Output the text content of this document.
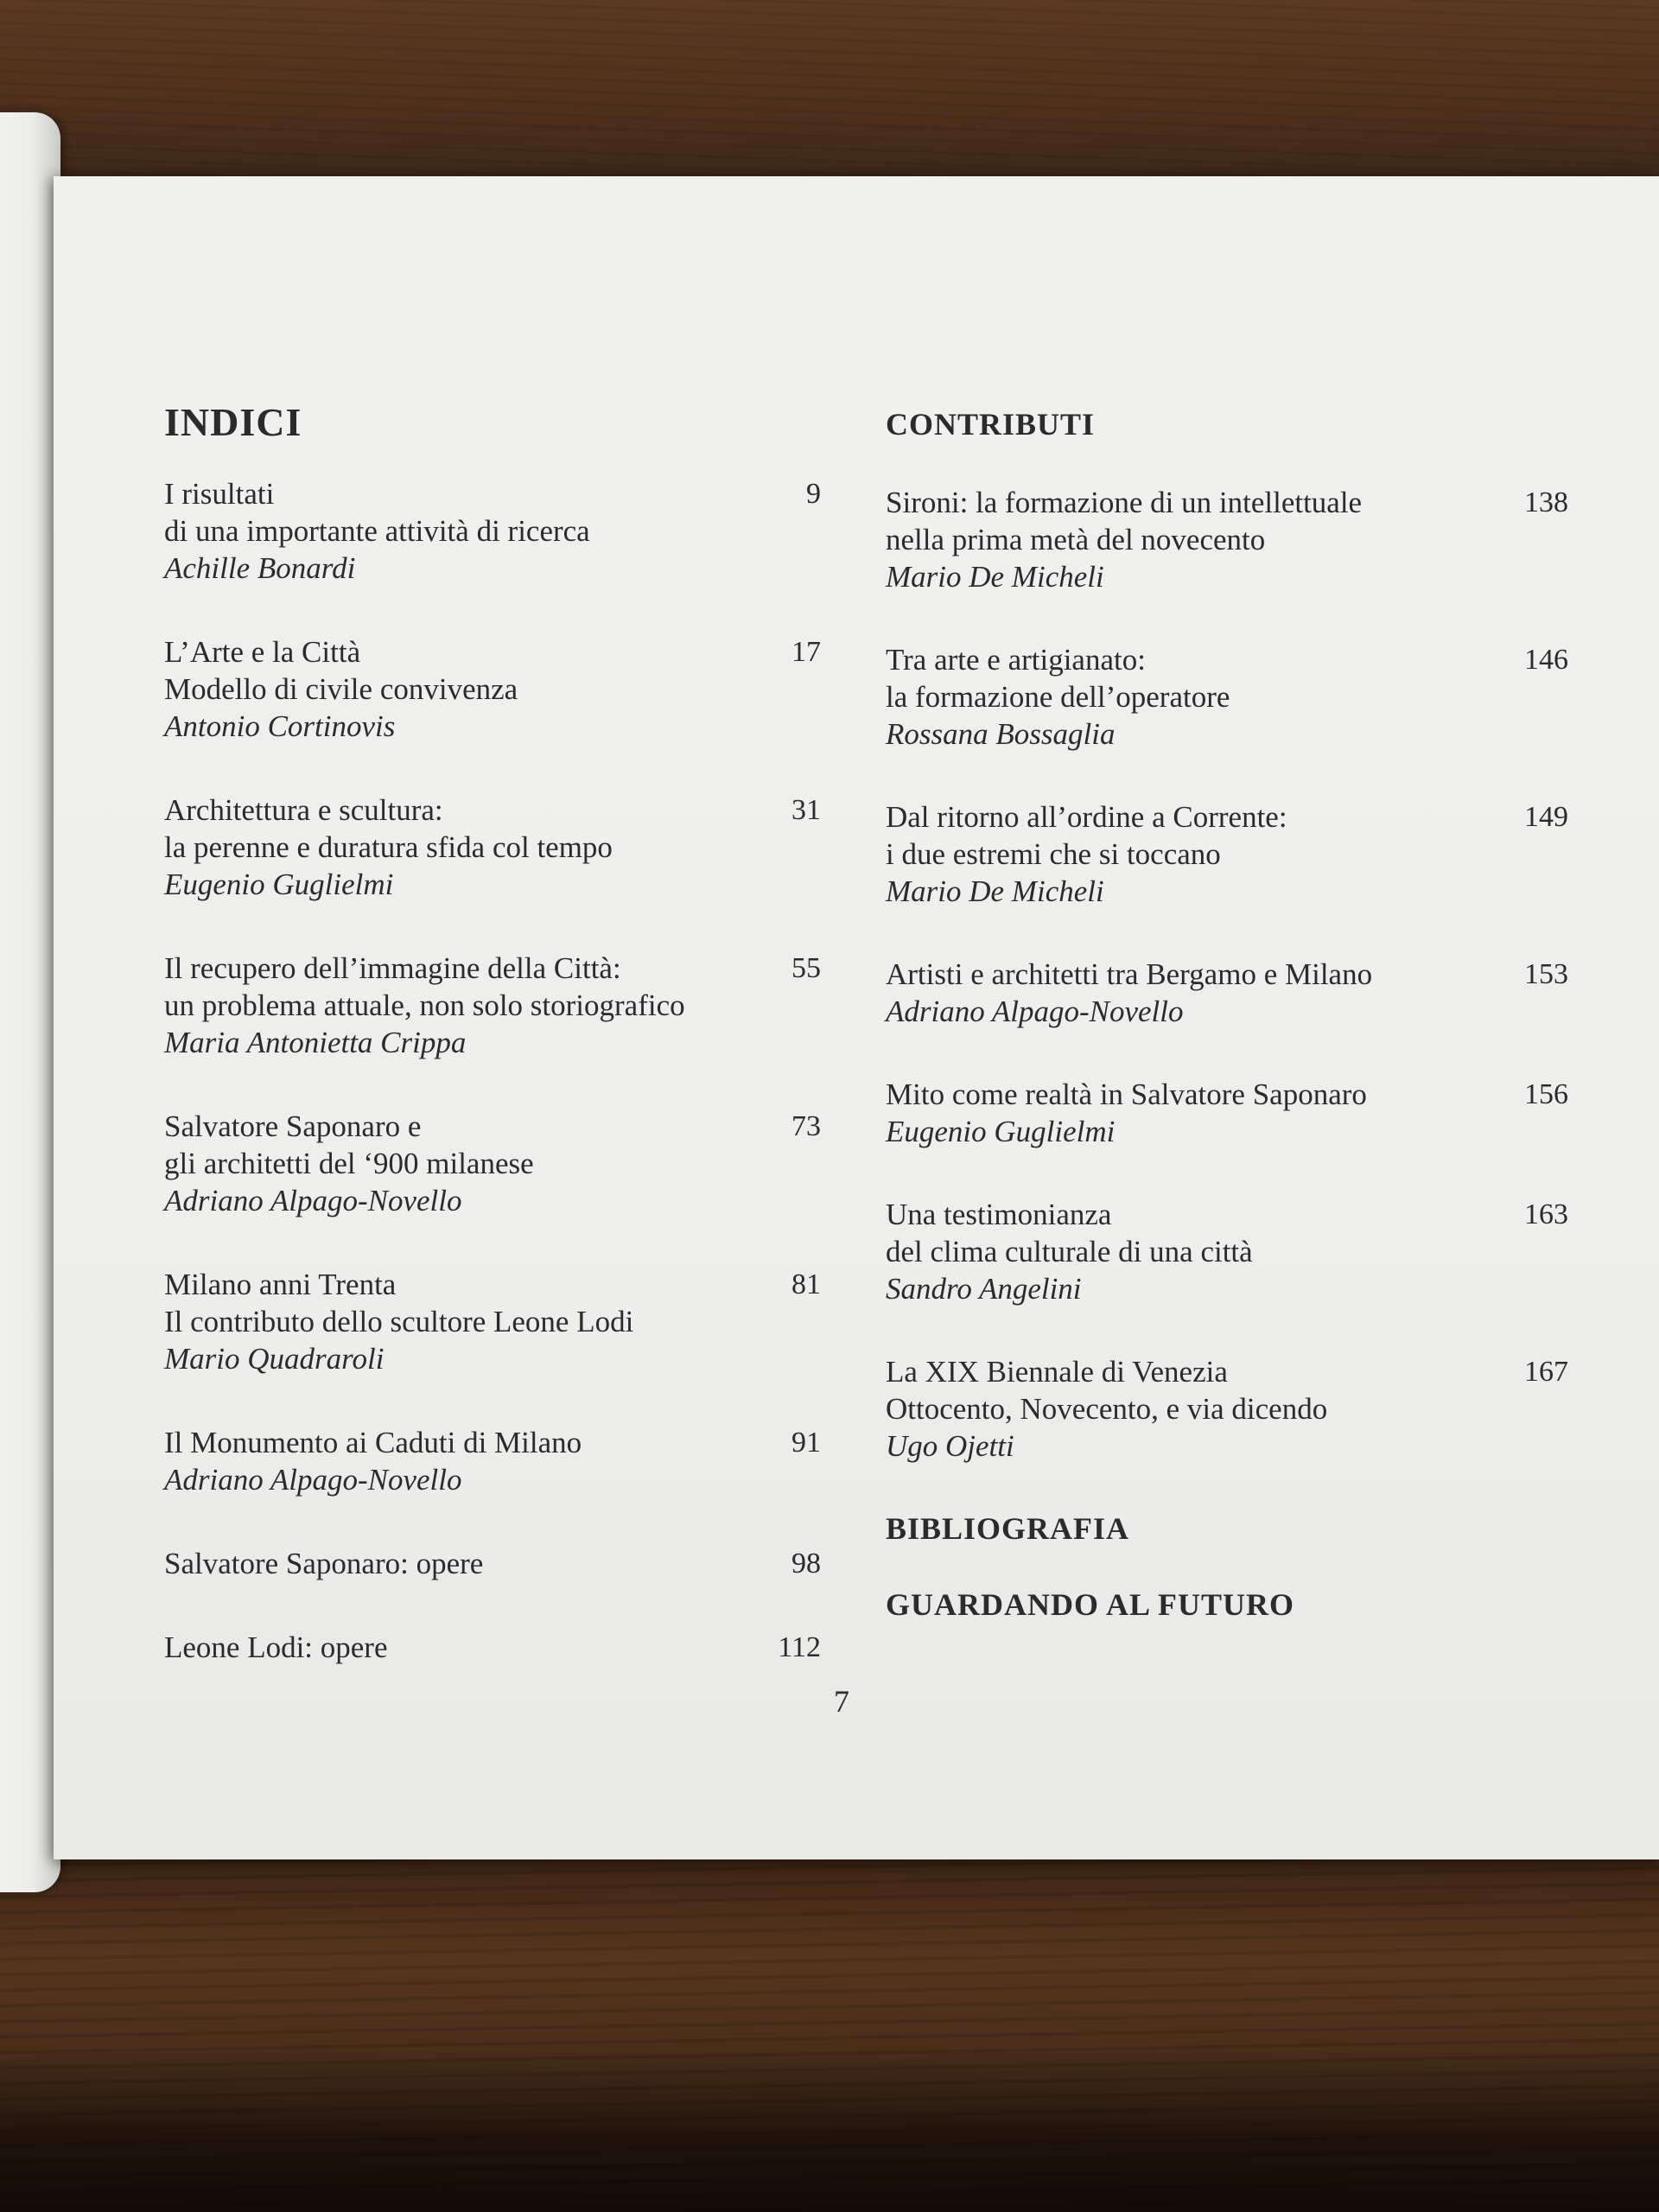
INDICI
I risultati
di una importante attività di ricerca
Achille Bonardi
9
L’Arte e la Città
Modello di civile convivenza
Antonio Cortinovis
17
Architettura e scultura:
la perenne e duratura sfida col tempo
Eugenio Guglielmi
31
Il recupero dell’immagine della Città:
un problema attuale, non solo storiografico
Maria Antonietta Crippa
55
Salvatore Saponaro e
gli architetti del ‘900 milanese
Adriano Alpago-Novello
73
Milano anni Trenta
Il contributo dello scultore Leone Lodi
Mario Quadraroli
81
Il Monumento ai Caduti di Milano
Adriano Alpago-Novello
91
Salvatore Saponaro: opere	98
Leone Lodi: opere	112
CONTRIBUTI
Sironi: la formazione di un intellettuale
nella prima metà del novecento
Mario De Micheli
138
Tra arte e artigianato:
la formazione dell’operatore
Rossana Bossaglia
146
Dal ritorno all’ordine a Corrente:
i due estremi che si toccano
Mario De Micheli
149
Artisti e architetti tra Bergamo e Milano
Adriano Alpago-Novello
153
Mito come realtà in Salvatore Saponaro
Eugenio Guglielmi
156
Una testimonianza
del clima culturale di una città
Sandro Angelini
163
La XIX Biennale di Venezia
Ottocento, Novecento, e via dicendo
Ugo Ojetti
167
BIBLIOGRAFIA
GUARDANDO AL FUTURO
7
